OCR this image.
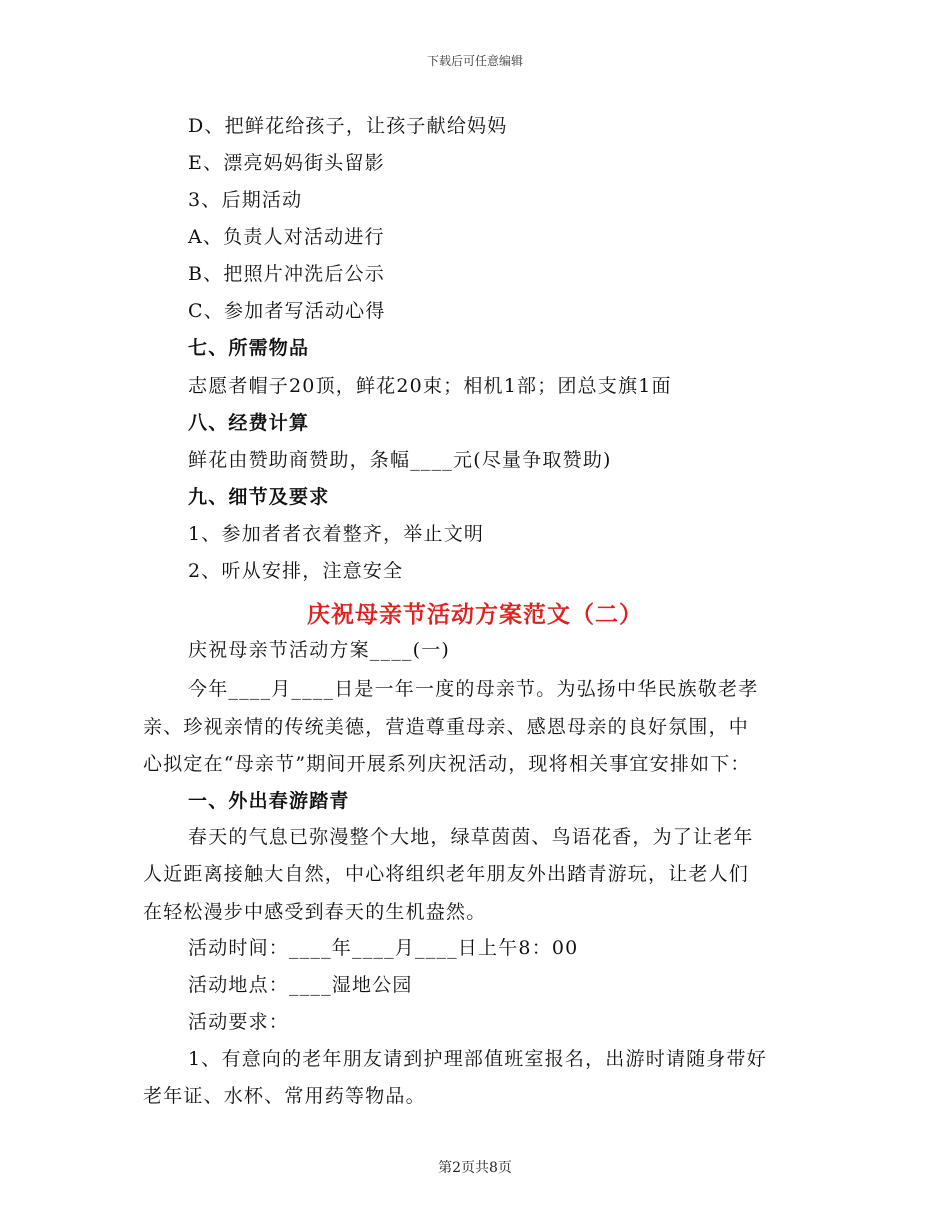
下载后可任意编辑
D、把鲜花给孩子，让孩子献给妈妈
E、漂亮妈妈街头留影
3、后期活动
A、负责人对活动进行
B、把照片冲洗后公示
C、参加者写活动心得
七、所需物品
志愿者帽子20顶，鲜花20束；相机1部；团总支旗1面
八、经费计算
鲜花由赞助商赞助，条幅____元(尽量争取赞助)
九、细节及要求
1、参加者者衣着整齐，举止文明
2、听从安排，注意安全
庆祝母亲节活动方案范文（二）
庆祝母亲节活动方案____(一)
今年____月____日是一年一度的母亲节。为弘扬中华民族敬老孝
亲、珍视亲情的传统美德，营造尊重母亲、感恩母亲的良好氛围，中
心拟定在“母亲节”期间开展系列庆祝活动，现将相关事宜安排如下：
一、外出春游踏青
春天的气息已弥漫整个大地，绿草茵茵、鸟语花香，为了让老年
人近距离接触大自然，中心将组织老年朋友外出踏青游玩，让老人们
在轻松漫步中感受到春天的生机盎然。
活动时间：____年____月____日上午8：00
活动地点：____湿地公园
活动要求：
1、有意向的老年朋友请到护理部值班室报名，出游时请随身带好
老年证、水杯、常用药等物品。
第2页共8页
